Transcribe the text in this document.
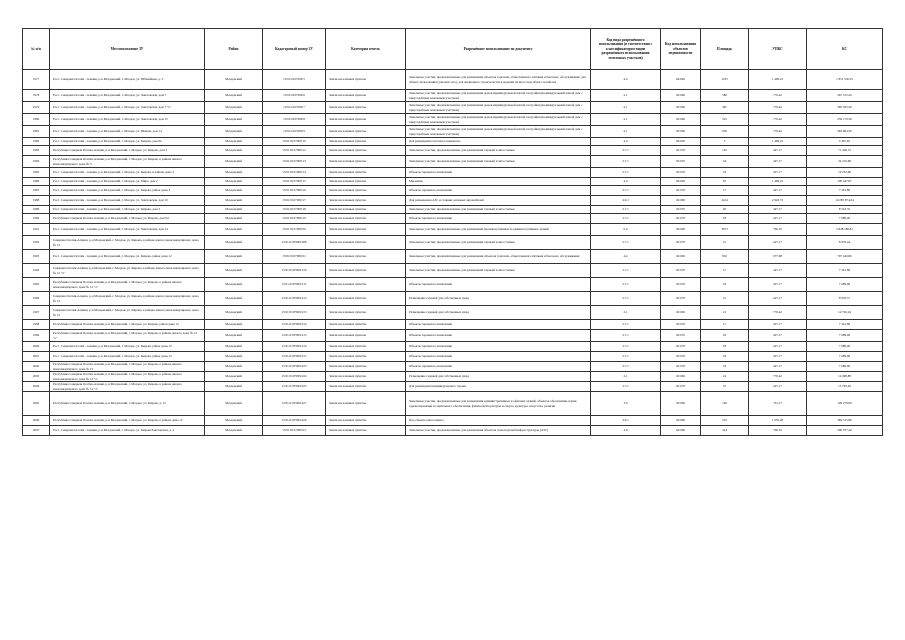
№ п/п	Местоположение ЗУ	Район	Кадастровый номер ЗУ	Категория земель	Разрешённое использование по документу	Код вида разрешённого использования (в соответствии с классификатором видов разрешённого использования земельных участков)	Код использования объектов недвижимости	Площадь	УПКС	КС
1977	Росс. Северная Осетия - Алания, р-н Моздокский, г. Моздок, ул. Юбилейная, д. 3	Моздокский	15:01:0107009:5	Земли населенных пунктов	Земельные участки, предназначенные для размещения объектов торговли, общественного питания и бытового обслуживания; для общего пользования (уличная сеть), для жилищного строительства и ведения личного подсобного хозяйства	4.4	04:040	1235	1 499,22	1 851 536,35
1978	Росс. Северная Осетия - Алания, р-н Моздокский, г. Моздок, ул. Заветовская, дом 7	Моздокский	15:01:0107009:6	Земли населенных пунктов	Земельные участки, предназначенные для размещения домов индивидуальной жилой застройки (индивидуальный жилой дом с приусадебным земельным участком)	2.1	02:060	580	776,42	267 315,20
1979	Росс. Северная Осетия - Алания, р-н Моздокский, г. Моздок, ул. Заветовская, дом 7 "а"	Моздокский	15:01:0107009:7	Земли населенных пунктов	Земельные участки, предназначенные для размещения домов индивидуальной жилой застройки (индивидуальный жилой дом с приусадебным земельным участком)	2.1	02:060	467	776,42	285 595,20
1980	Росс. Северная Осетия - Алания, р-н Моздокский, г. Моздок, ул. Заветовская, дом 15	Моздокский	15:01:0107009:8	Земли населенных пунктов	Земельные участки, предназначенные для размещения домов индивидуальной жилой застройки (индивидуальный жилой дом с приусадебным земельным участком)	2.1	02:060	525	776,42	259 179,56
1981	Росс. Северная Осетия - Алания, р-н Моздокский, г. Моздок, ул. Южная, дом 14	Моздокский	15:01:0107009:9	Земли населенных пунктов	Земельные участки, предназначенные для размещения домов индивидуальной жилой застройки (индивидуальный жилой дом с приусадебным земельным участком)	2.1	02:060	636	776,42	493 864,56
1982	Росс. Северная Осетия - Алания, р-н Моздокский, г. Моздок, ул. Кирова, дом 94	Моздокский	15:01:0107009:10	Земли населенных пунктов	Для размещения торгового павильона	4.4	04:030	3	1 499,22	4 497,65
1983	Республика Северная Осетия-Алания, р-н Моздокский, г. Моздок, ул. Кирова, дом 3	Моздокский	15:01:0107009:12	Земли населенных пунктов	Земельные участки, предназначенные для размещения гаражей и автостоянок	2.7.1	02:070	163	427,17	71 200,72
1984	Республика Северная Осетия-Алания, р-н Моздокский, г. Моздок, ул. Кирова, в районе жилого многоквартирного дома № 3	Моздокский	15:01:0107009:13	Земли населенных пунктов	Земельные участки, предназначенные для размещения гаражей и автостоянок	2.7.1	02:070	34	427,17	32 216,68
1985	Росс. Северная Осетия - Алания, р-н Моздокский, г. Моздок, ул. Кирова, в районе дома 3	Моздокский	15:01:0107009:14	Земли населенных пунктов	Объекты гаражного назначения	2.7.1	02:070	24	427,17	10 252,08
1986	Росс. Северная Осетия - Алания, р-н Моздокский, г. Моздок, ул. Мира, дом 2	Моздокский	15:01:0107009:15	Земли населенных пунктов	Магазины	4.4	04:040	67	1 499,22	100 447,87
1987	Росс. Северная Осетия - Алания, р-н Моздокский, г. Моздок, ул. Кирова, район дома 3	Моздокский	15:01:0107009:16	Земли населенных пунктов	Объекты гаражного назначения	2.7.1	02:070	17	427,17	7 261,89
1988	Росс. Северная Осетия - Алания, р-н Моздокский, г. Моздок, ул. Заветовская, дом 10	Моздокский	15:01:0107009:17	Земли населенных пунктов	Для размещения АЗС и стоянки легковых автомобилей	4.9.1	04:090	2414	2 943,72	14 085 874,04
1989	Росс. Северная Осетия - Алания, р-н Моздокский, г. Моздок, ул. Кирова, дом 3	Моздокский	15:01:0107009:18	Земли населенных пунктов	Земельные участки, предназначенные для размещения гаражей и автостоянок	2.7.1	02:070	20	427,17	8 543,35
1990	Республика Северная Осетия-Алания, р-н Моздокский, г. Моздок, ул. Кирова, дом 94	Моздокский	15:01:0107009:19	Земли населенных пунктов	Объекты гаражного назначения	2.7.1	02:070	18	427,17	7 689,06
1991	Росс. Северная Осетия - Алания, р-н Моздокский, г. Моздок, ул. Заветовская, дом 14	Моздокский	15:01:0107009:20	Земли населенных пунктов	Земельные участки, предназначенные для размещения производственных и административных зданий	6.0	06:000	3673	766,35	2 848 189,81
1992	Северная Осетия-Алания, р-н Моздокский, г. Моздок, ул. Кирова, в районе жилого многоквартирного дома № 12	Моздокский	15:01:0107009:208	Земли населенных пунктов	Земельные участки, предназначенные для размещения гаражей и автостоянок	2.7.1	02:070	21	427,17	8 970,44
1993	Росс. Северная Осетия - Алания, р-н Моздокский, г. Моздок, ул. Кирова, район дома 12	Моздокский	15:01:0107009:21	Земли населенных пунктов	Земельные участки, предназначенные для размещения объектов торговли, общественного питания и бытового обслуживания	4.4	04:060	816	977,08	797 440,86
1994	Северная Осетия-Алания, р-н Моздокский, г. Моздок, ул. Кирова, в районе жилого многоквартирного дома № 12 "а"	Моздокский	15:01:0107009:210	Земли населенных пунктов	Земельные участки, предназначенные для размещения гаражей и автостоянок	2.7.1	02:070	17	427,17	7 261,89
1995	Республика Северная Осетия-Алания, р-н Моздокский, г. Моздок, ул. Кирова, в районе жилого многоквартирного дома № 12 "а"	Моздокский	15:01:0107009:211	Земли населенных пунктов	Объекты гаражного назначения	2.7.1	02:070	18	427,17	7 689,06
1996	Северная Осетия-Алания, р-н Моздокский, г. Моздок, ул. Кирова, в районе жилого многоквартирного дома № 12	Моздокский	15:01:0107009:212	Земли населенных пунктов	Размещение гаражей для собственных нужд	2.7.1	02:070	21	427,17	8 970,57
1997	Северная Осетия-Алания, р-н Моздокский, г. Моздок, ул. Кирова, в районе жилого многоквартирного дома № 12	Моздокский	15:01:0107009:213	Земли населенных пунктов	Размещение гаражей для собственных нужд	2.1	02:060	21	776,42	12 702,24
1998	Республика Северная Осетия-Алания, р-н Моздокский, г. Моздок, ул. Кирова, район дома 12	Моздокский	15:01:0107009:214	Земли населенных пунктов	Объекты гаражного назначения	2.7.1	02:070	17	427,17	7 261,89
1999	Республика Северная Осетия-Алания, р-н Моздокский, г. Моздок, ул. Кирова, в районе жилого дома № 12 "а"	Моздокский	15:01:0107009:215	Земли населенных пунктов	Объекты гаражного назначения	2.7.1	02:070	18	427,17	7 689,06
2000	Росс. Северная Осетия - Алания, р-н Моздокский, г. Моздок, ул. Кирова, район дома 12	Моздокский	15:01:0107009:216	Земли населенных пунктов	Объекты гаражного назначения	2.7.1	02:070	18	427,17	7 689,06
2001	Росс. Северная Осетия - Алания, р-н Моздокский, г. Моздок, ул. Кирова, район дома 12	Моздокский	15:01:0107009:217	Земли населенных пунктов	Объекты гаражного назначения	2.7.1	02:070	18	427,17	7 689,06
2002	Республика Северная Осетия-Алания, р-н Моздокский, г. Моздок, ул. Кирова, в районе жилого многоквартирного дома № 12	Моздокский	15:01:0107009:223	Земли населенных пунктов	Объекты гаражного назначения	2.7.1	02:070	18	427,17	7 689,06
2003	Республика Северная Осетия-Алания, р-н Моздокский, г. Моздок, ул. Кирова, в районе жилого многоквартирного дома № 12 "а"	Моздокский	15:01:0107009:224	Земли населенных пунктов	Размещение гаражей для собственных нужд	2.1	02:060	24	776,42	12 698,88
2004	Республика Северная Осетия-Алания, р-н Моздокский, г. Моздок, ул. Кирова, в районе жилого многоквартирного дома № 12 "а"	Моздокский	15:01:0107009:225	Земли населенных пунктов	Для размещения индивидуального гаража	2.7.1	02:070	37	427,17	15 795,29
2005	Республика Северная Осетия-Алания, р-н Моздокский, г. Моздок, ул. Кирова, д. 12	Моздокский	15:01:0107009:227	Земли населенных пунктов	Земельные участки, предназначенные для размещения административных и офисных зданий, объектов образования, науки, здравоохранения и социального обеспечения, физической культуры и спорта, культуры, искусства, религии	3.0	03:000	196	761,17	149 279,06
2006	Республика Северная Осетия-Алания, р-н Моздокский, г. Моздок, ул. Кирова, в районе дома 12	Моздокский	15:01:0107009:229	Земли населенных пунктов	Под объекты автосервиса	4.9.1	04:090	233	1 650,28	384 515,80
2007	Росс. Северная Осетия - Алания, р-н Моздокский, г. Моздок, ул. Кирова/Заветовская, д. 2	Моздокский	15:01:0107009:23	Земли населенных пунктов	Земельные участки, предназначенные для размещения объектов транспортной инфраструктуры (АЗС)	4.9	04:090	414	766,35	290 077,40
